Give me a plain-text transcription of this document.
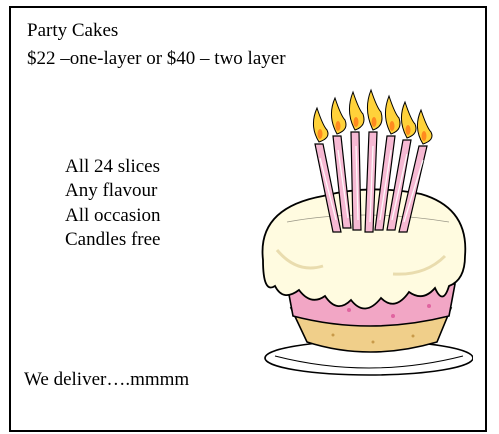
Party Cakes
$22 –one-layer or $40 – two layer
All 24 slices
Any flavour
All occasion
Candles free
We deliver….mmmm
